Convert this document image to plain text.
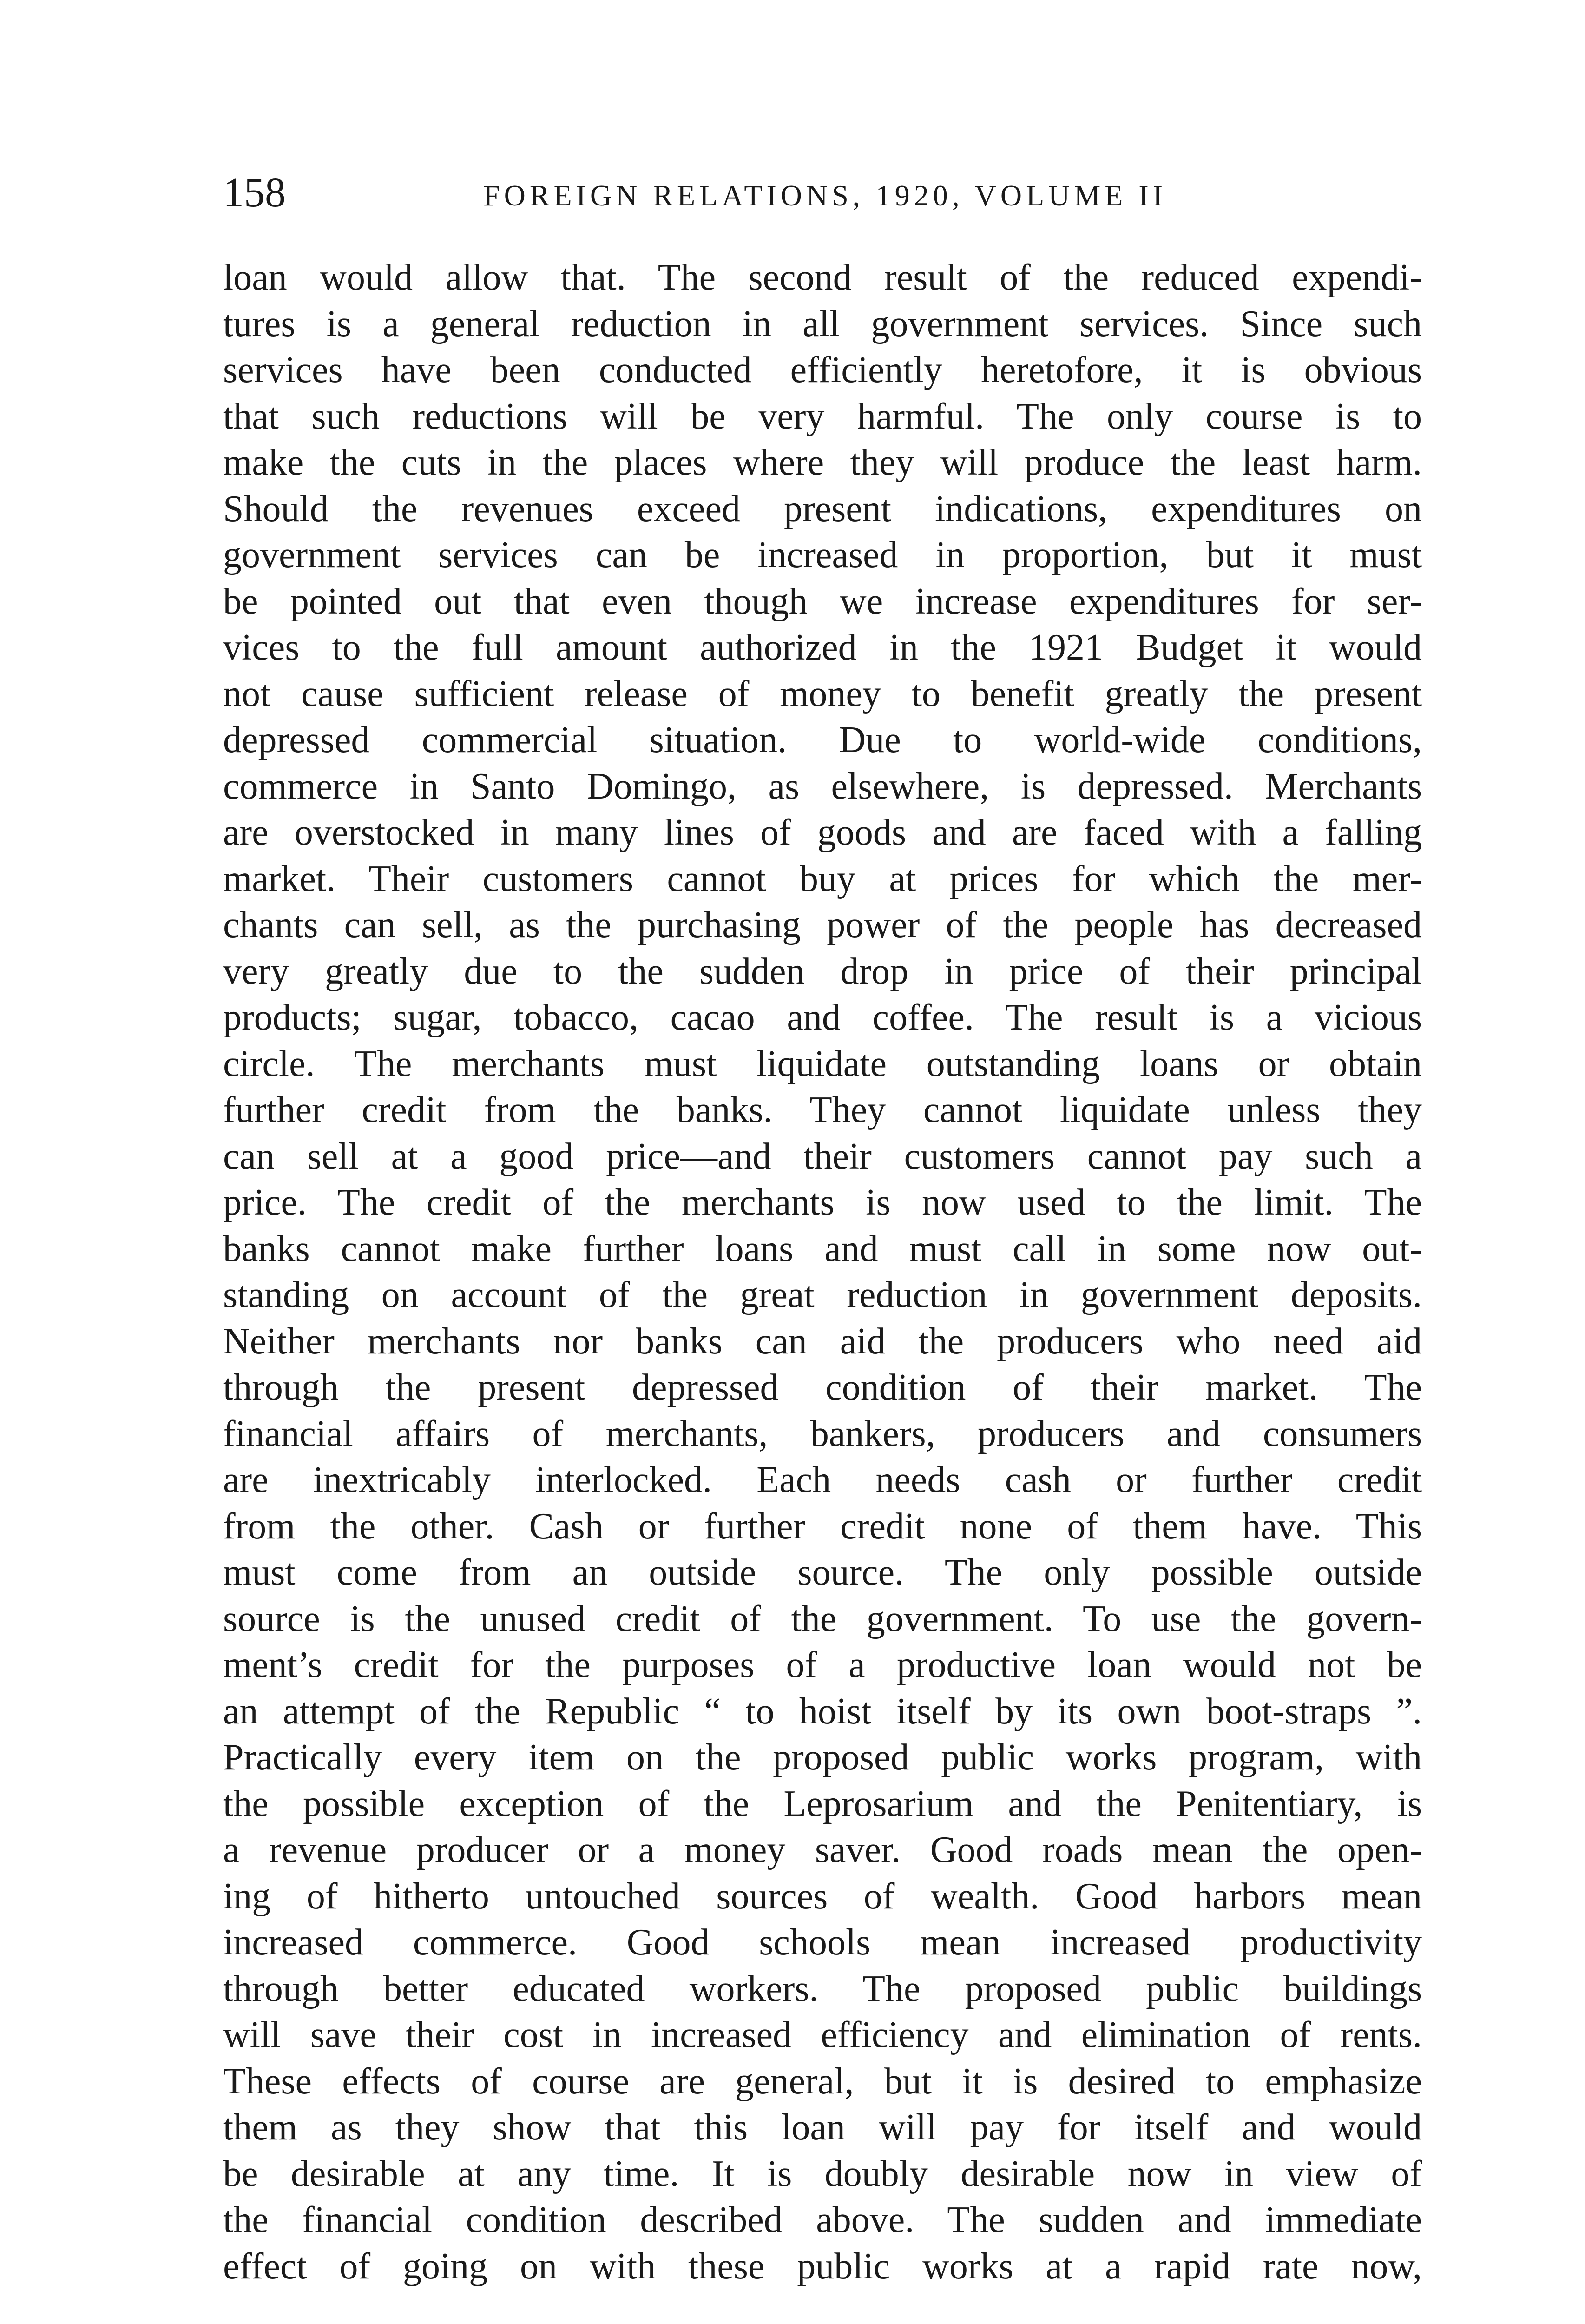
158	FOREIGN RELATIONS, 1920, VOLUME II
loan would allow that. The second result of the reduced expendi-
tures is a general reduction in all government services. Since such
services have been conducted efficiently heretofore, it is obvious
that such reductions will be very harmful. The only course is to
make the cuts in the places where they will produce the least harm.
Should the revenues exceed present indications, expenditures on
government services can be increased in proportion, but it must
be pointed out that even though we increase expenditures for ser-
vices to the full amount authorized in the 1921 Budget it would
not cause sufficient release of money to benefit greatly the present
depressed commercial situation. Due to world-wide conditions,
commerce in Santo Domingo, as elsewhere, is depressed. Merchants
are overstocked in many lines of goods and are faced with a falling
market. Their customers cannot buy at prices for which the mer-
chants can sell, as the purchasing power of the people has decreased
very greatly due to the sudden drop in price of their principal
products; sugar, tobacco, cacao and coffee. The result is a vicious
circle. The merchants must liquidate outstanding loans or obtain
further credit from the banks. They cannot liquidate unless they
can sell at a good price—and their customers cannot pay such a
price. The credit of the merchants is now used to the limit. The
banks cannot make further loans and must call in some now out-
standing on account of the great reduction in government deposits.
Neither merchants nor banks can aid the producers who need aid
through the present depressed condition of their market. The
financial affairs of merchants, bankers, producers and consumers
are inextricably interlocked. Each needs cash or further credit
from the other. Cash or further credit none of them have. This
must come from an outside source. The only possible outside
source is the unused credit of the government. To use the govern-
ment’s credit for the purposes of a productive loan would not be
an attempt of the Republic “ to hoist itself by its own boot-straps ”.
Practically every item on the proposed public works program, with
the possible exception of the Leprosarium and the Penitentiary, is
a revenue producer or a money saver. Good roads mean the open-
ing of hitherto untouched sources of wealth. Good harbors mean
increased commerce. Good schools mean increased productivity
through better educated workers. The proposed public buildings
will save their cost in increased efficiency and elimination of rents.
These effects of course are general, but it is desired to emphasize
them as they show that this loan will pay for itself and would
be desirable at any time. It is doubly desirable now in view of
the financial condition described above. The sudden and immediate
effect of going on with these public works at a rapid rate now,
